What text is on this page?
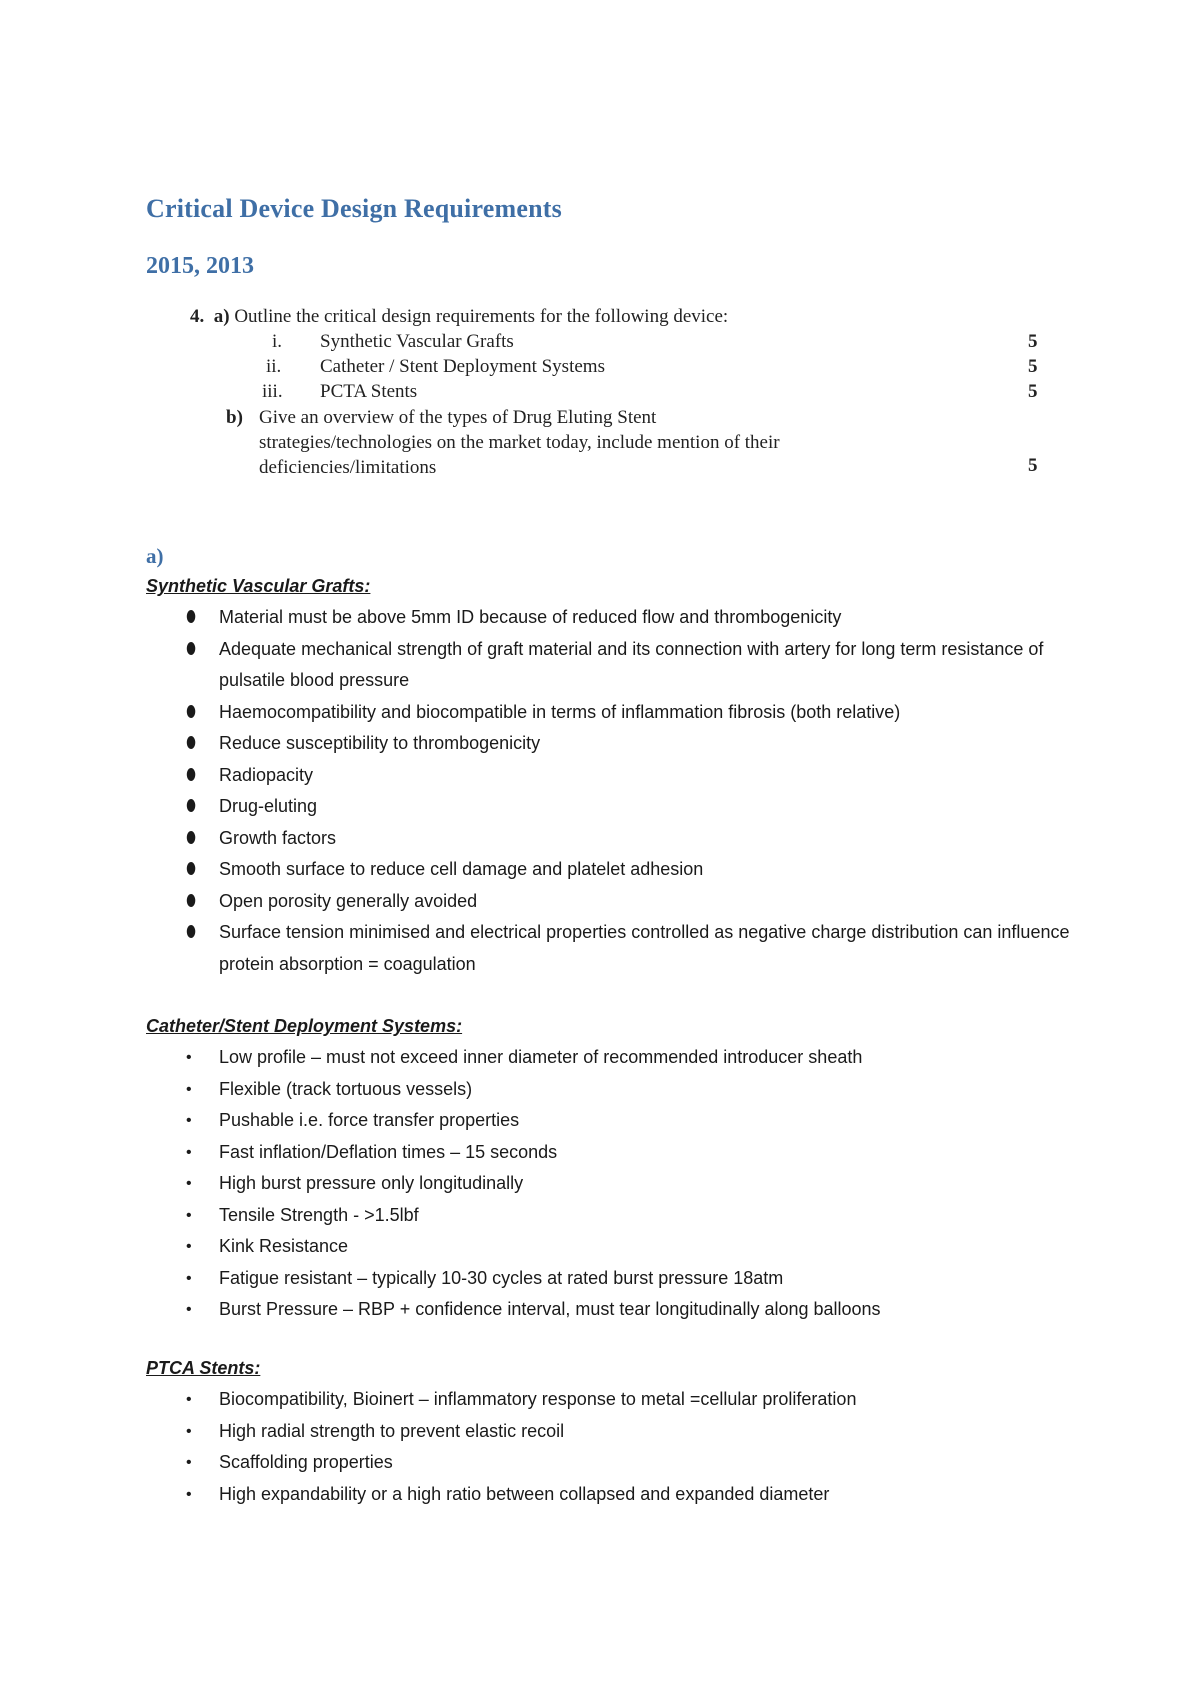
Critical Device Design Requirements
2015, 2013
4. a) Outline the critical design requirements for the following device:
i. Synthetic Vascular Grafts	5
ii. Catheter / Stent Deployment Systems	5
iii. PCTA Stents	5
b) Give an overview of the types of Drug Eluting Stent
strategies/technologies on the market today, include mention of their
deficiencies/limitations	5
a)
Synthetic Vascular Grafts:
⬮ Material must be above 5mm ID because of reduced flow and thrombogenicity
⬮ Adequate mechanical strength of graft material and its connection with artery for long term resistance of pulsatile blood pressure
⬮ Haemocompatibility and biocompatible in terms of inflammation fibrosis (both relative)
⬮ Reduce susceptibility to thrombogenicity
⬮ Radiopacity
⬮ Drug-eluting
⬮ Growth factors
⬮ Smooth surface to reduce cell damage and platelet adhesion
⬮ Open porosity generally avoided
⬮ Surface tension minimised and electrical properties controlled as negative charge distribution can influence protein absorption = coagulation
Catheter/Stent Deployment Systems:
• Low profile – must not exceed inner diameter of recommended introducer sheath
• Flexible (track tortuous vessels)
• Pushable i.e. force transfer properties
• Fast inflation/Deflation times – 15 seconds
• High burst pressure only longitudinally
• Tensile Strength - >1.5lbf
• Kink Resistance
• Fatigue resistant – typically 10-30 cycles at rated burst pressure 18atm
• Burst Pressure – RBP + confidence interval, must tear longitudinally along balloons
PTCA Stents:
• Biocompatibility, Bioinert – inflammatory response to metal =cellular proliferation
• High radial strength to prevent elastic recoil
• Scaffolding properties
• High expandability or a high ratio between collapsed and expanded diameter
